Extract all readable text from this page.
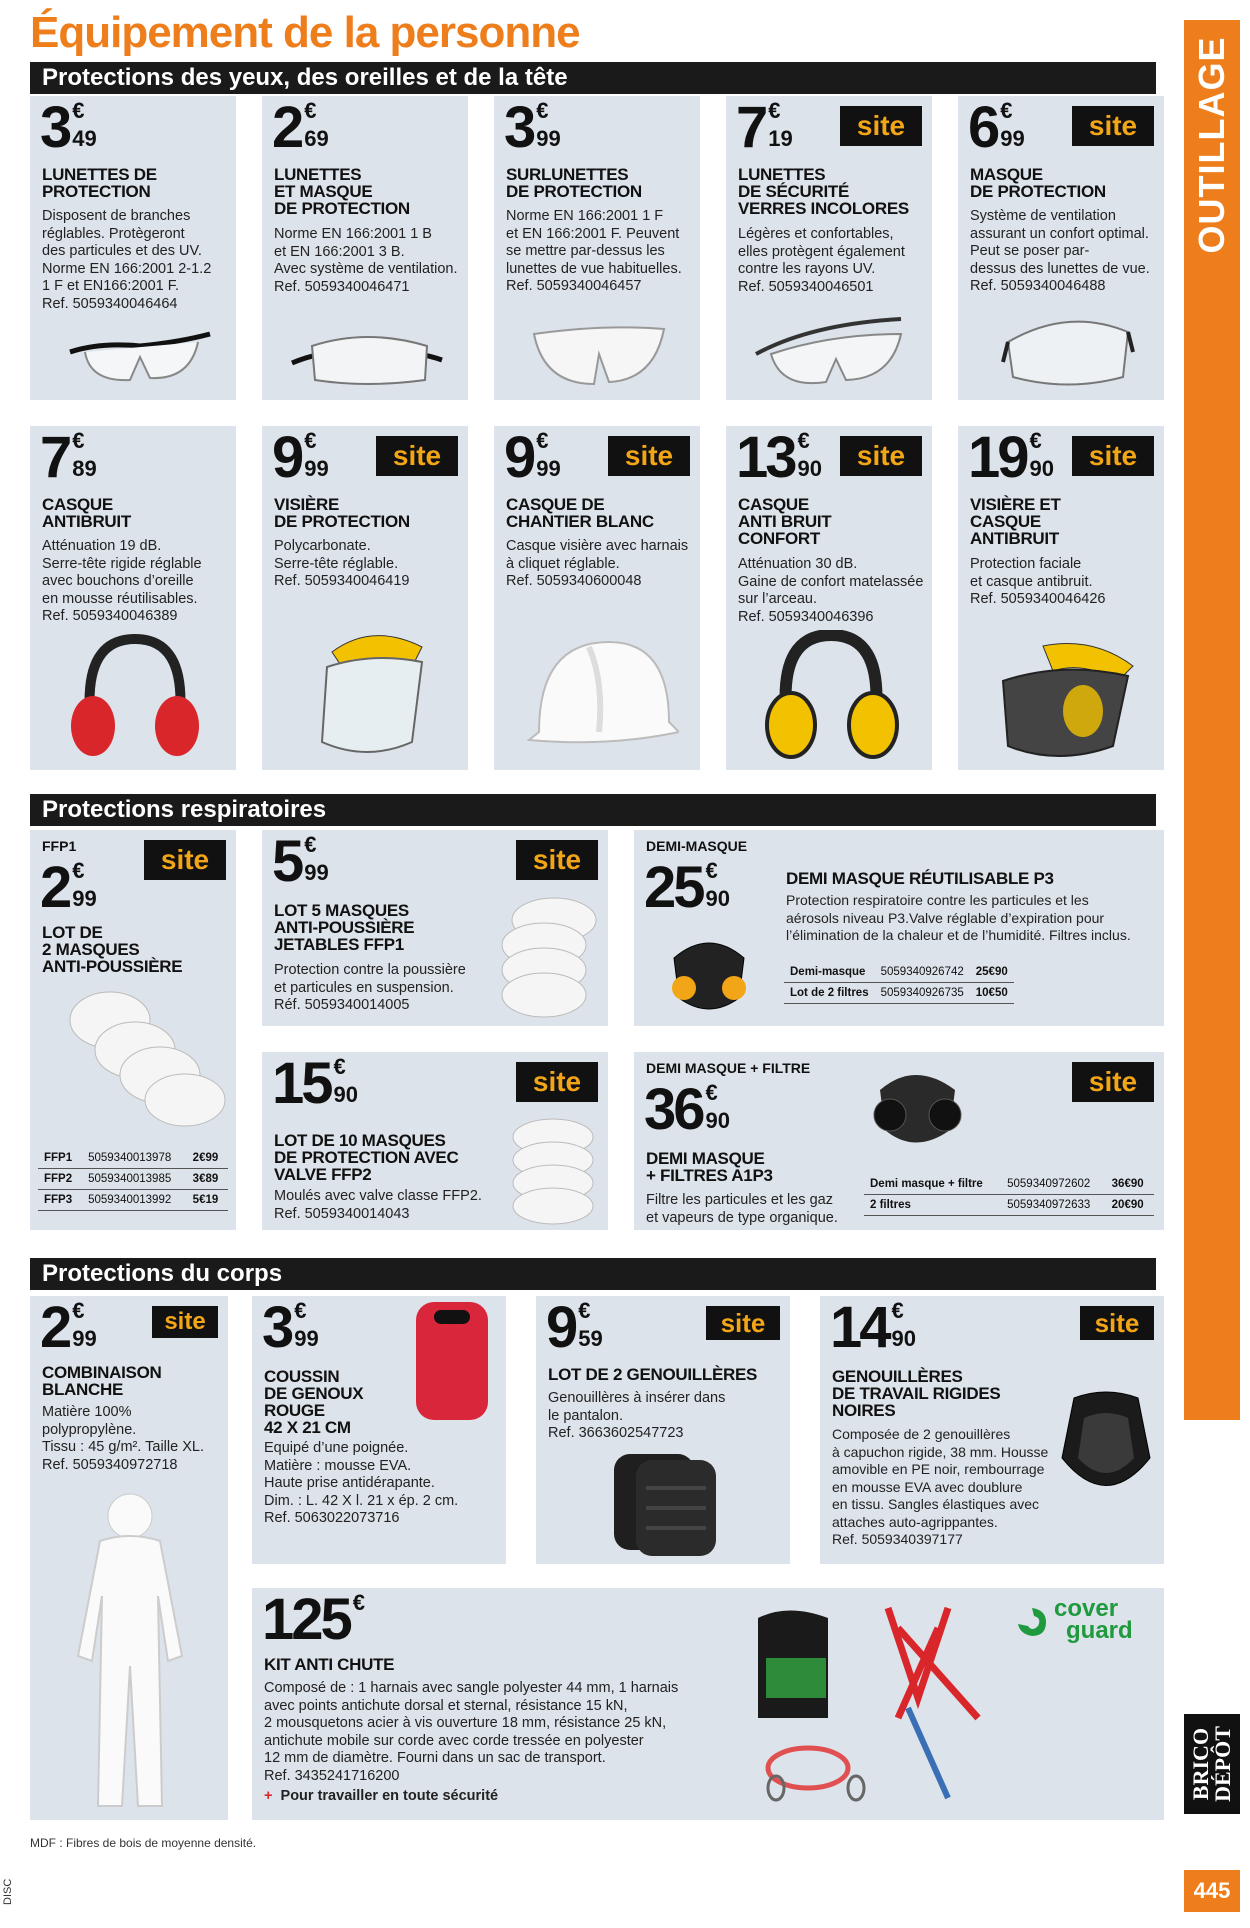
Équipement de la personne
OUTILLAGE
BRICO
DÉPÔT
445
DISC
Protections des yeux, des oreilles et de la tête
3 €
49
LUNETTES DE
PROTECTION
Disposent de branches
réglables. Protègeront
des particules et des UV.
Norme EN 166:2001 2-1.2
1 F et EN166:2001 F.
Ref. 5059340046464
2 €
69
LUNETTES
ET MASQUE
DE PROTECTION
Norme EN 166:2001 1 B
et EN 166:2001 3 B.
Avec système de ventilation.
Ref. 5059340046471
3 €
99
SURLUNETTES
DE PROTECTION
Norme EN 166:2001 1 F
et EN 166:2001 F. Peuvent
se mettre par-dessus les
lunettes de vue habituelles.
Ref. 5059340046457
7 €
19	site
LUNETTES
DE SÉCURITÉ
VERRES INCOLORES
Légères et confortables,
elles protègent également
contre les rayons UV.
Ref. 5059340046501
6 €
99	site
MASQUE
DE PROTECTION
Système de ventilation
assurant un confort optimal.
Peut se poser par-
dessus des lunettes de vue.
Ref. 5059340046488
7 €
89
CASQUE
ANTIBRUIT
Atténuation 19 dB.
Serre-tête rigide réglable
avec bouchons d’oreille
en mousse réutilisables.
Ref. 5059340046389
9 €
99	site
VISIÈRE
DE PROTECTION
Polycarbonate.
Serre-tête réglable.
Ref. 5059340046419
9 €
99	site
CASQUE DE
CHANTIER BLANC
Casque visière avec harnais
à cliquet réglable.
Ref. 5059340600048
13 €
90	site
CASQUE
ANTI BRUIT
CONFORT
Atténuation 30 dB.
Gaine de confort matelassée
sur l’arceau.
Ref. 5059340046396
19 €
90	site
VISIÈRE ET
CASQUE
ANTIBRUIT
Protection faciale
et casque antibruit.
Ref. 5059340046426
Protections respiratoires
FFP1	site
2 €
99
LOT DE
2 MASQUES
ANTI-POUSSIÈRE
FFP1	5059340013978	2€99
FFP2	5059340013985	3€89
FFP3	5059340013992	5€19
5 €
99	site
LOT 5 MASQUES
ANTI-POUSSIÈRE
JETABLES FFP1
Protection contre la poussière
et particules en suspension.
Réf. 5059340014005
DEMI-MASQUE
25 €
90
DEMI MASQUE RÉUTILISABLE P3
Protection respiratoire contre les particules et les
aérosols niveau P3.Valve réglable d’expiration pour
l’élimination de la chaleur et de l’humidité. Filtres inclus.
Demi-masque	5059340926742	25€90
Lot de 2 filtres	5059340926735	10€50
15 €
90	site
LOT DE 10 MASQUES
DE PROTECTION AVEC
VALVE FFP2
Moulés avec valve classe FFP2.
Ref. 5059340014043
DEMI MASQUE + FILTRE	site
36 €
90
DEMI MASQUE
+ FILTRES A1P3
Filtre les particules et les gaz
et vapeurs de type organique.
Demi masque + filtre	5059340972602	36€90
2 filtres	5059340972633	20€90
Protections du corps
2 €
99
site
COMBINAISON
BLANCHE
Matière 100%
polypropylène.
Tissu : 45 g/m². Taille XL.
Ref. 5059340972718
3 €
99
COUSSIN
DE GENOUX
ROUGE
42 X 21 CM
Equipé d’une poignée.
Matière : mousse EVA.
Haute prise antidérapante.
Dim. : L. 42 X l. 21 x ép. 2 cm.
Ref. 5063022073716
9 €
59
site
LOT DE 2 GENOUILLÈRES
Genouillères à insérer dans
le pantalon.
Ref. 3663602547723
14 €
90
site
GENOUILLÈRES
DE TRAVAIL RIGIDES
NOIRES
Composée de 2 genouillères
à capuchon rigide, 38 mm. Housse
amovible en PE noir, rembourrage
en mousse EVA avec doublure
en tissu. Sangles élastiques avec
attaches auto-agrippantes.
Ref. 5059340397177
125 €
KIT ANTI CHUTE
Composé de : 1 harnais avec sangle polyester 44 mm, 1 harnais
avec points antichute dorsal et sternal, résistance 15 kN,
2 mousquetons acier à vis ouverture 18 mm, résistance 25 kN,
antichute mobile sur corde avec corde tressée en polyester
12 mm de diamètre. Fourni dans un sac de transport.
Ref. 3435241716200
+ Pour travailler en toute sécurité
cover
guard
MDF : Fibres de bois de moyenne densité.
